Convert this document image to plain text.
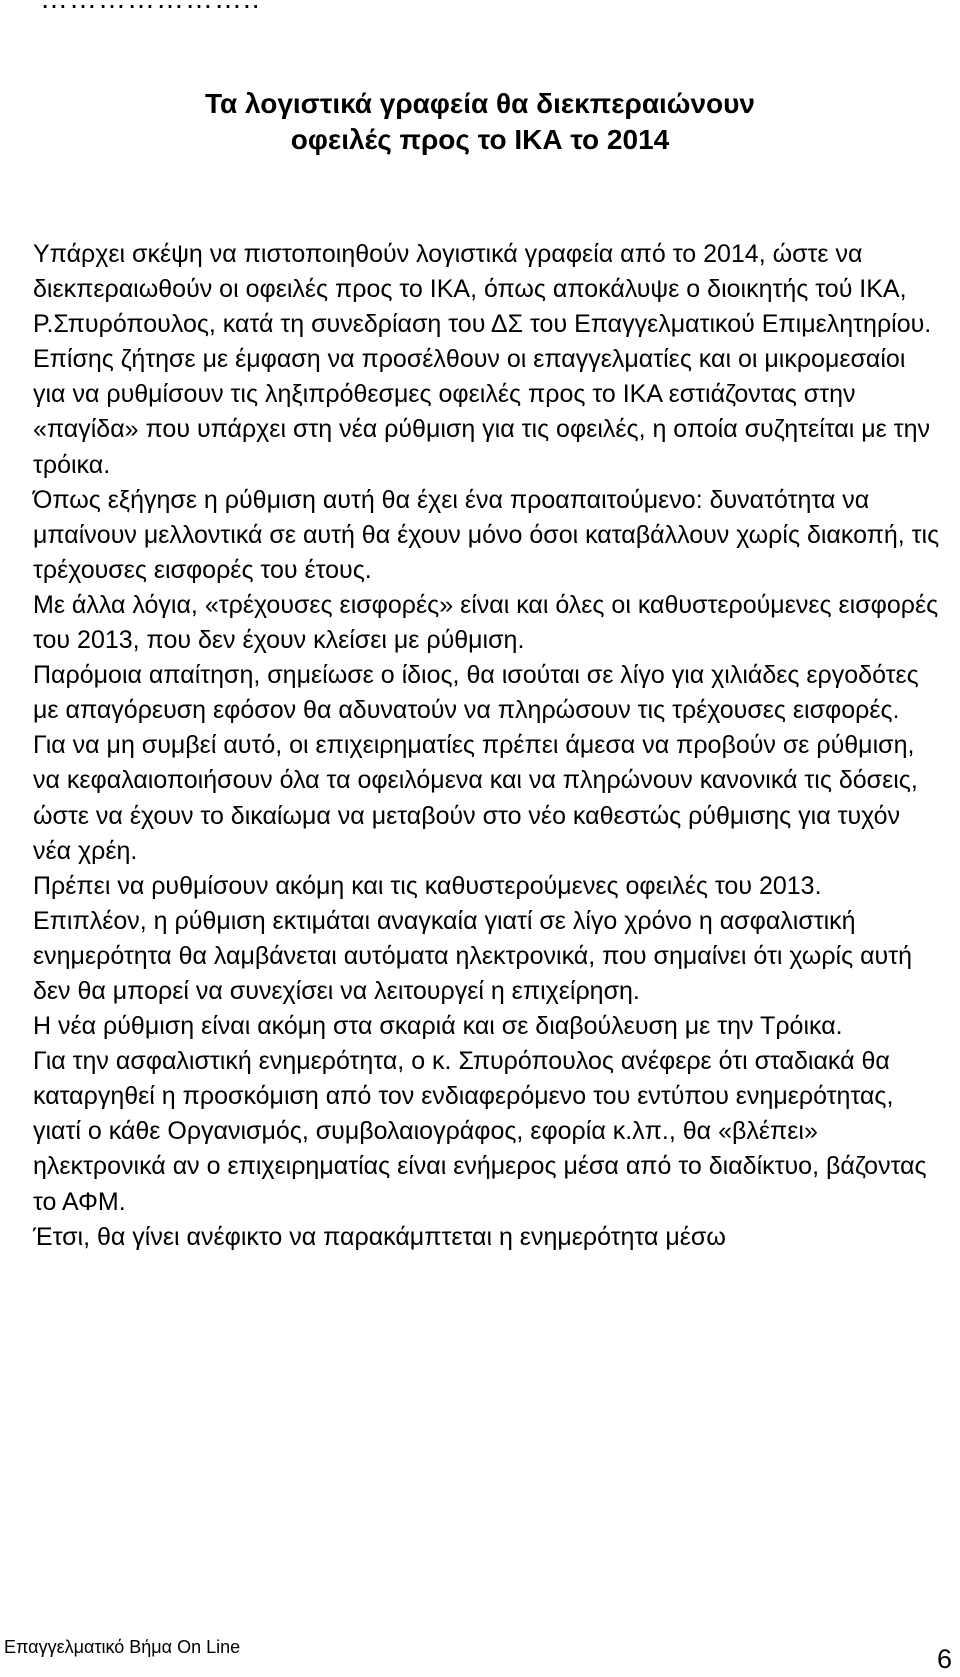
Τα λογιστικά γραφεία θα διεκπεραιώνουν
οφειλές προς το ΙΚΑ το 2014
Υπάρχει σκέψη να πιστοποιηθούν λογιστικά γραφεία από το 2014, ώστε να διεκπεραιωθούν οι οφειλές προς το ΙΚΑ, όπως αποκάλυψε ο διοικητής τού ΙΚΑ, Ρ.Σπυρόπουλος, κατά τη συνεδρίαση του ΔΣ του Επαγγελματικού Επιμελητηρίου.
Επίσης ζήτησε με έμφαση να προσέλθουν οι επαγγελματίες και οι μικρομεσαίοι για να ρυθμίσουν τις ληξιπρόθεσμες οφειλές προς το ΙΚΑ εστιάζοντας στην «παγίδα» που υπάρχει στη νέα ρύθμιση για τις οφειλές, η οποία συζητείται με την τρόικα.
Όπως εξήγησε η ρύθμιση αυτή θα έχει ένα προαπαιτούμενο: δυνατότητα να μπαίνουν μελλοντικά σε αυτή θα έχουν μόνο όσοι καταβάλλουν χωρίς διακοπή, τις τρέχουσες εισφορές του έτους.
Με άλλα λόγια, «τρέχουσες εισφορές» είναι και όλες οι καθυστερούμενες εισφορές του 2013, που δεν έχουν κλείσει με ρύθμιση.
Παρόμοια απαίτηση, σημείωσε ο ίδιος, θα ισούται σε λίγο για χιλιάδες εργοδότες με απαγόρευση εφόσον θα αδυνατούν να πληρώσουν τις τρέχουσες εισφορές.
Για να μη συμβεί αυτό, οι επιχειρηματίες πρέπει άμεσα να προβούν σε ρύθμιση, να κεφαλαιοποιήσουν όλα τα οφειλόμενα και να πληρώνουν κανονικά τις δόσεις, ώστε να έχουν το δικαίωμα να μεταβούν στο νέο καθεστώς ρύθμισης για τυχόν νέα χρέη.
Πρέπει να ρυθμίσουν ακόμη και τις καθυστερούμενες οφειλές του 2013.
Επιπλέον, η ρύθμιση εκτιμάται αναγκαία γιατί σε λίγο χρόνο η ασφαλιστική ενημερότητα θα λαμβάνεται αυτόματα ηλεκτρονικά, που σημαίνει ότι χωρίς αυτή δεν θα μπορεί να συνεχίσει να λειτουργεί η επιχείρηση.
Η νέα ρύθμιση είναι ακόμη στα σκαριά και σε διαβούλευση με την Τρόικα.
Για την ασφαλιστική ενημερότητα, ο κ. Σπυρόπουλος ανέφερε ότι σταδιακά θα καταργηθεί η προσκόμιση από τον ενδιαφερόμενο του εντύπου ενημερότητας, γιατί ο κάθε Οργανισμός, συμβολαιογράφος, εφορία κ.λπ., θα «βλέπει» ηλεκτρονικά αν ο επιχειρηματίας είναι ενήμερος μέσα από το διαδίκτυο, βάζοντας το ΑΦΜ.
Έτσι, θα γίνει ανέφικτο να παρακάμπτεται η ενημερότητα μέσω
Επαγγελματικό Βήμα On Line	6
